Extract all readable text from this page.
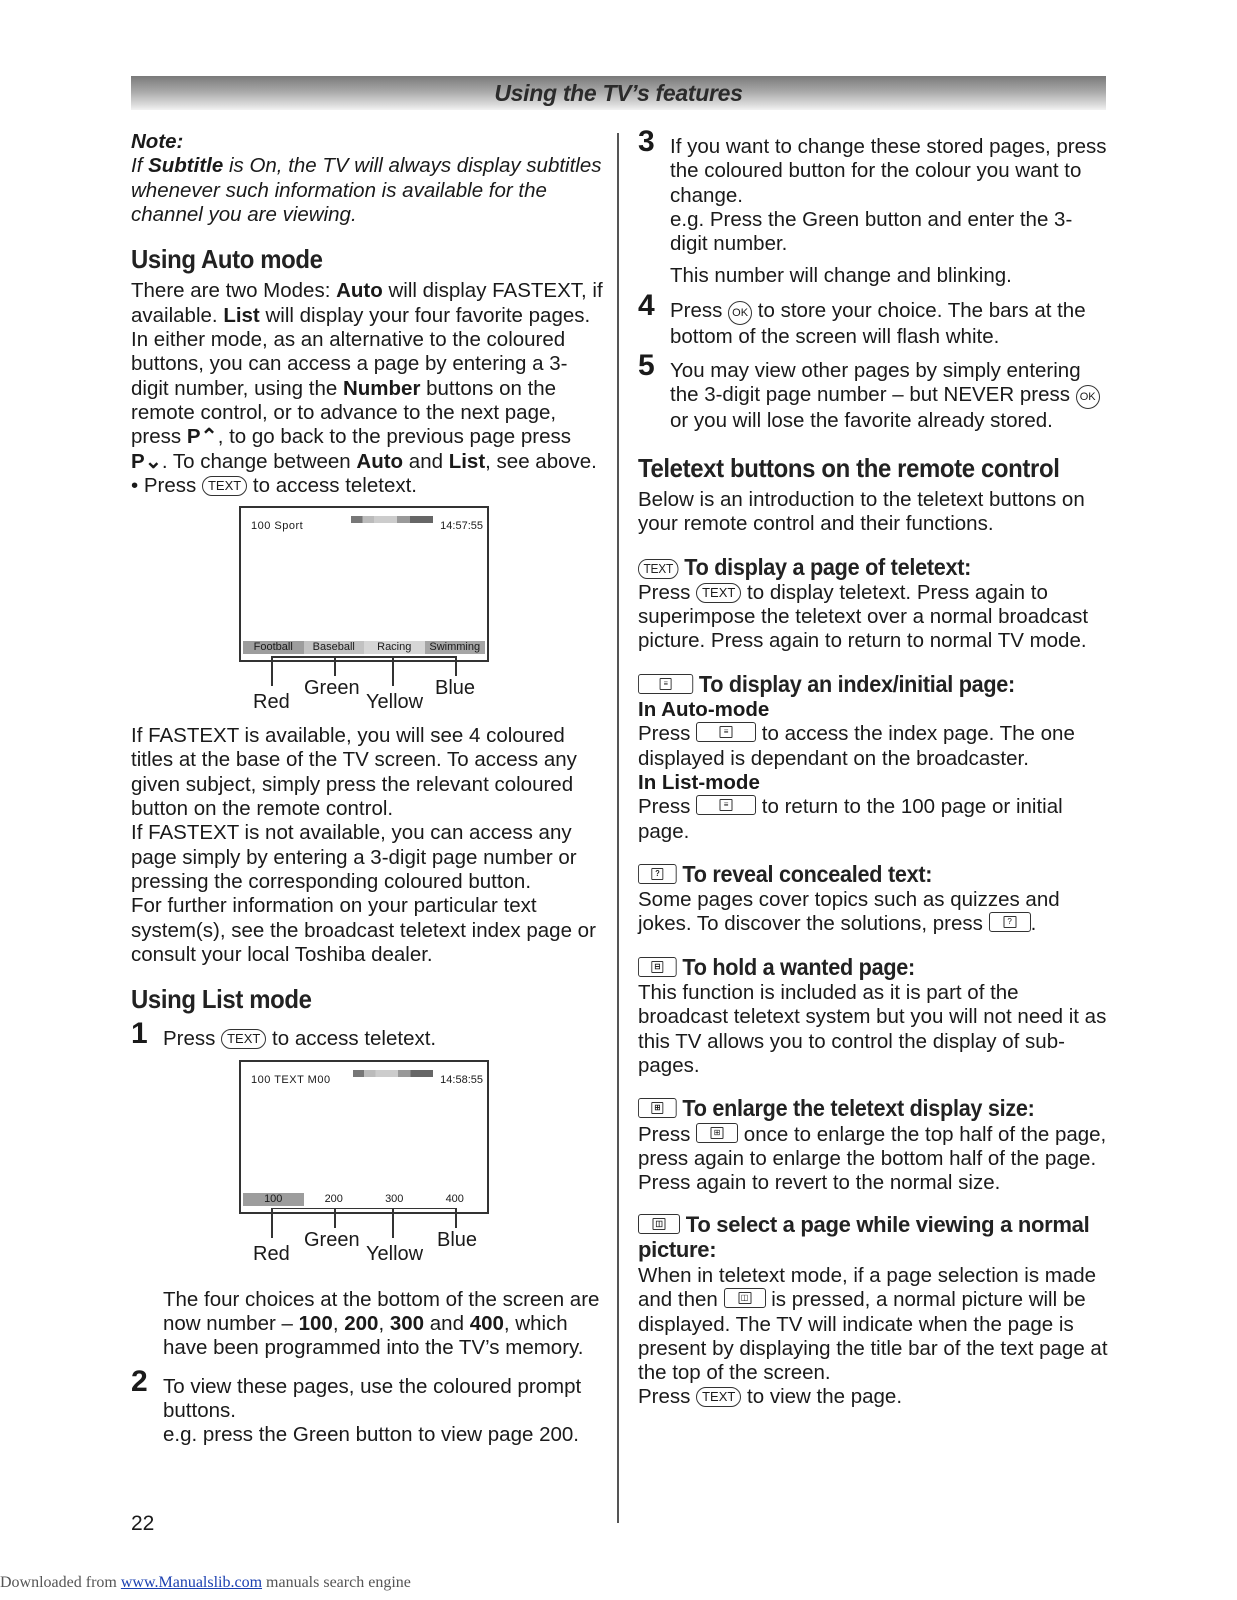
Using the TV’s features

Note:

If Subtitle is On, the TV will always display subtitles whenever such information is available for the channel you are viewing.

Using Auto mode

There are two Modes: Auto will display FASTEXT, if available. List will display your four favorite pages. In either mode, as an alternative to the coloured buttons, you can access a page by entering a 3-digit number, using the Number buttons on the remote control, or to advance to the next page, press P⌃, to go back to the previous page press P⌄. To change between Auto and List, see above.

• Press TEXT to access teletext.

100 Sport	14:57:55
Football	Baseball	Racing	Swimming
Red
Green
Yellow
Blue

If FASTEXT is available, you will see 4 coloured titles at the base of the TV screen. To access any given subject, simply press the relevant coloured button on the remote control.

If FASTEXT is not available, you can access any page simply by entering a 3-digit page number or pressing the corresponding coloured button.

For further information on your particular text system(s), see the broadcast teletext index page or consult your local Toshiba dealer.

Using List mode
1 Press TEXT to access teletext.
100 TEXT M00	14:58:55
100	200	300	400
Red
Green
Yellow
Blue

The four choices at the bottom of the screen are now number – 100, 200, 300 and 400, which have been programmed into the TV’s memory.

2 To view these pages, use the coloured prompt buttons.

e.g. press the Green button to view page 200.

3 If you want to change these stored pages, press the coloured button for the colour you want to change.

e.g. Press the Green button and enter the 3-digit number.

This number will change and blinking.

4 Press OK to store your choice. The bars at the bottom of the screen will flash white.
5 You may view other pages by simply entering the 3-digit page number – but NEVER press OK or you will lose the favorite already stored.
Teletext buttons on the remote control

Below is an introduction to the teletext buttons on your remote control and their functions.

TEXT To display a page of teletext:

Press TEXT to display teletext. Press again to superimpose the teletext over a normal broadcast picture. Press again to return to normal TV mode.

≡ To display an index/initial page:

In Auto-mode

Press	≡ to access the index page. The one displayed is dependant on the broadcaster.

In List-mode

Press	≡ to return to the 100 page or initial page.

? To reveal concealed text:

Some pages cover topics such as quizzes and jokes. To discover the solutions, press	? .

⊟ To hold a wanted page:

This function is included as it is part of the broadcast teletext system but you will not need it as this TV allows you to control the display of sub-pages.

⊞ To enlarge the teletext display size:

Press	⊞ once to enlarge the top half of the page, press again to enlarge the bottom half of the page. Press again to revert to the normal size.

◫ To select a page while viewing a normal picture:

When in teletext mode, if a page selection is made and then	◫ is pressed, a normal picture will be displayed. The TV will indicate when the page is present by displaying the title bar of the text page at the top of the screen.

Press TEXT to view the page.

22
Downloaded from www.Manualslib.com manuals search engine
